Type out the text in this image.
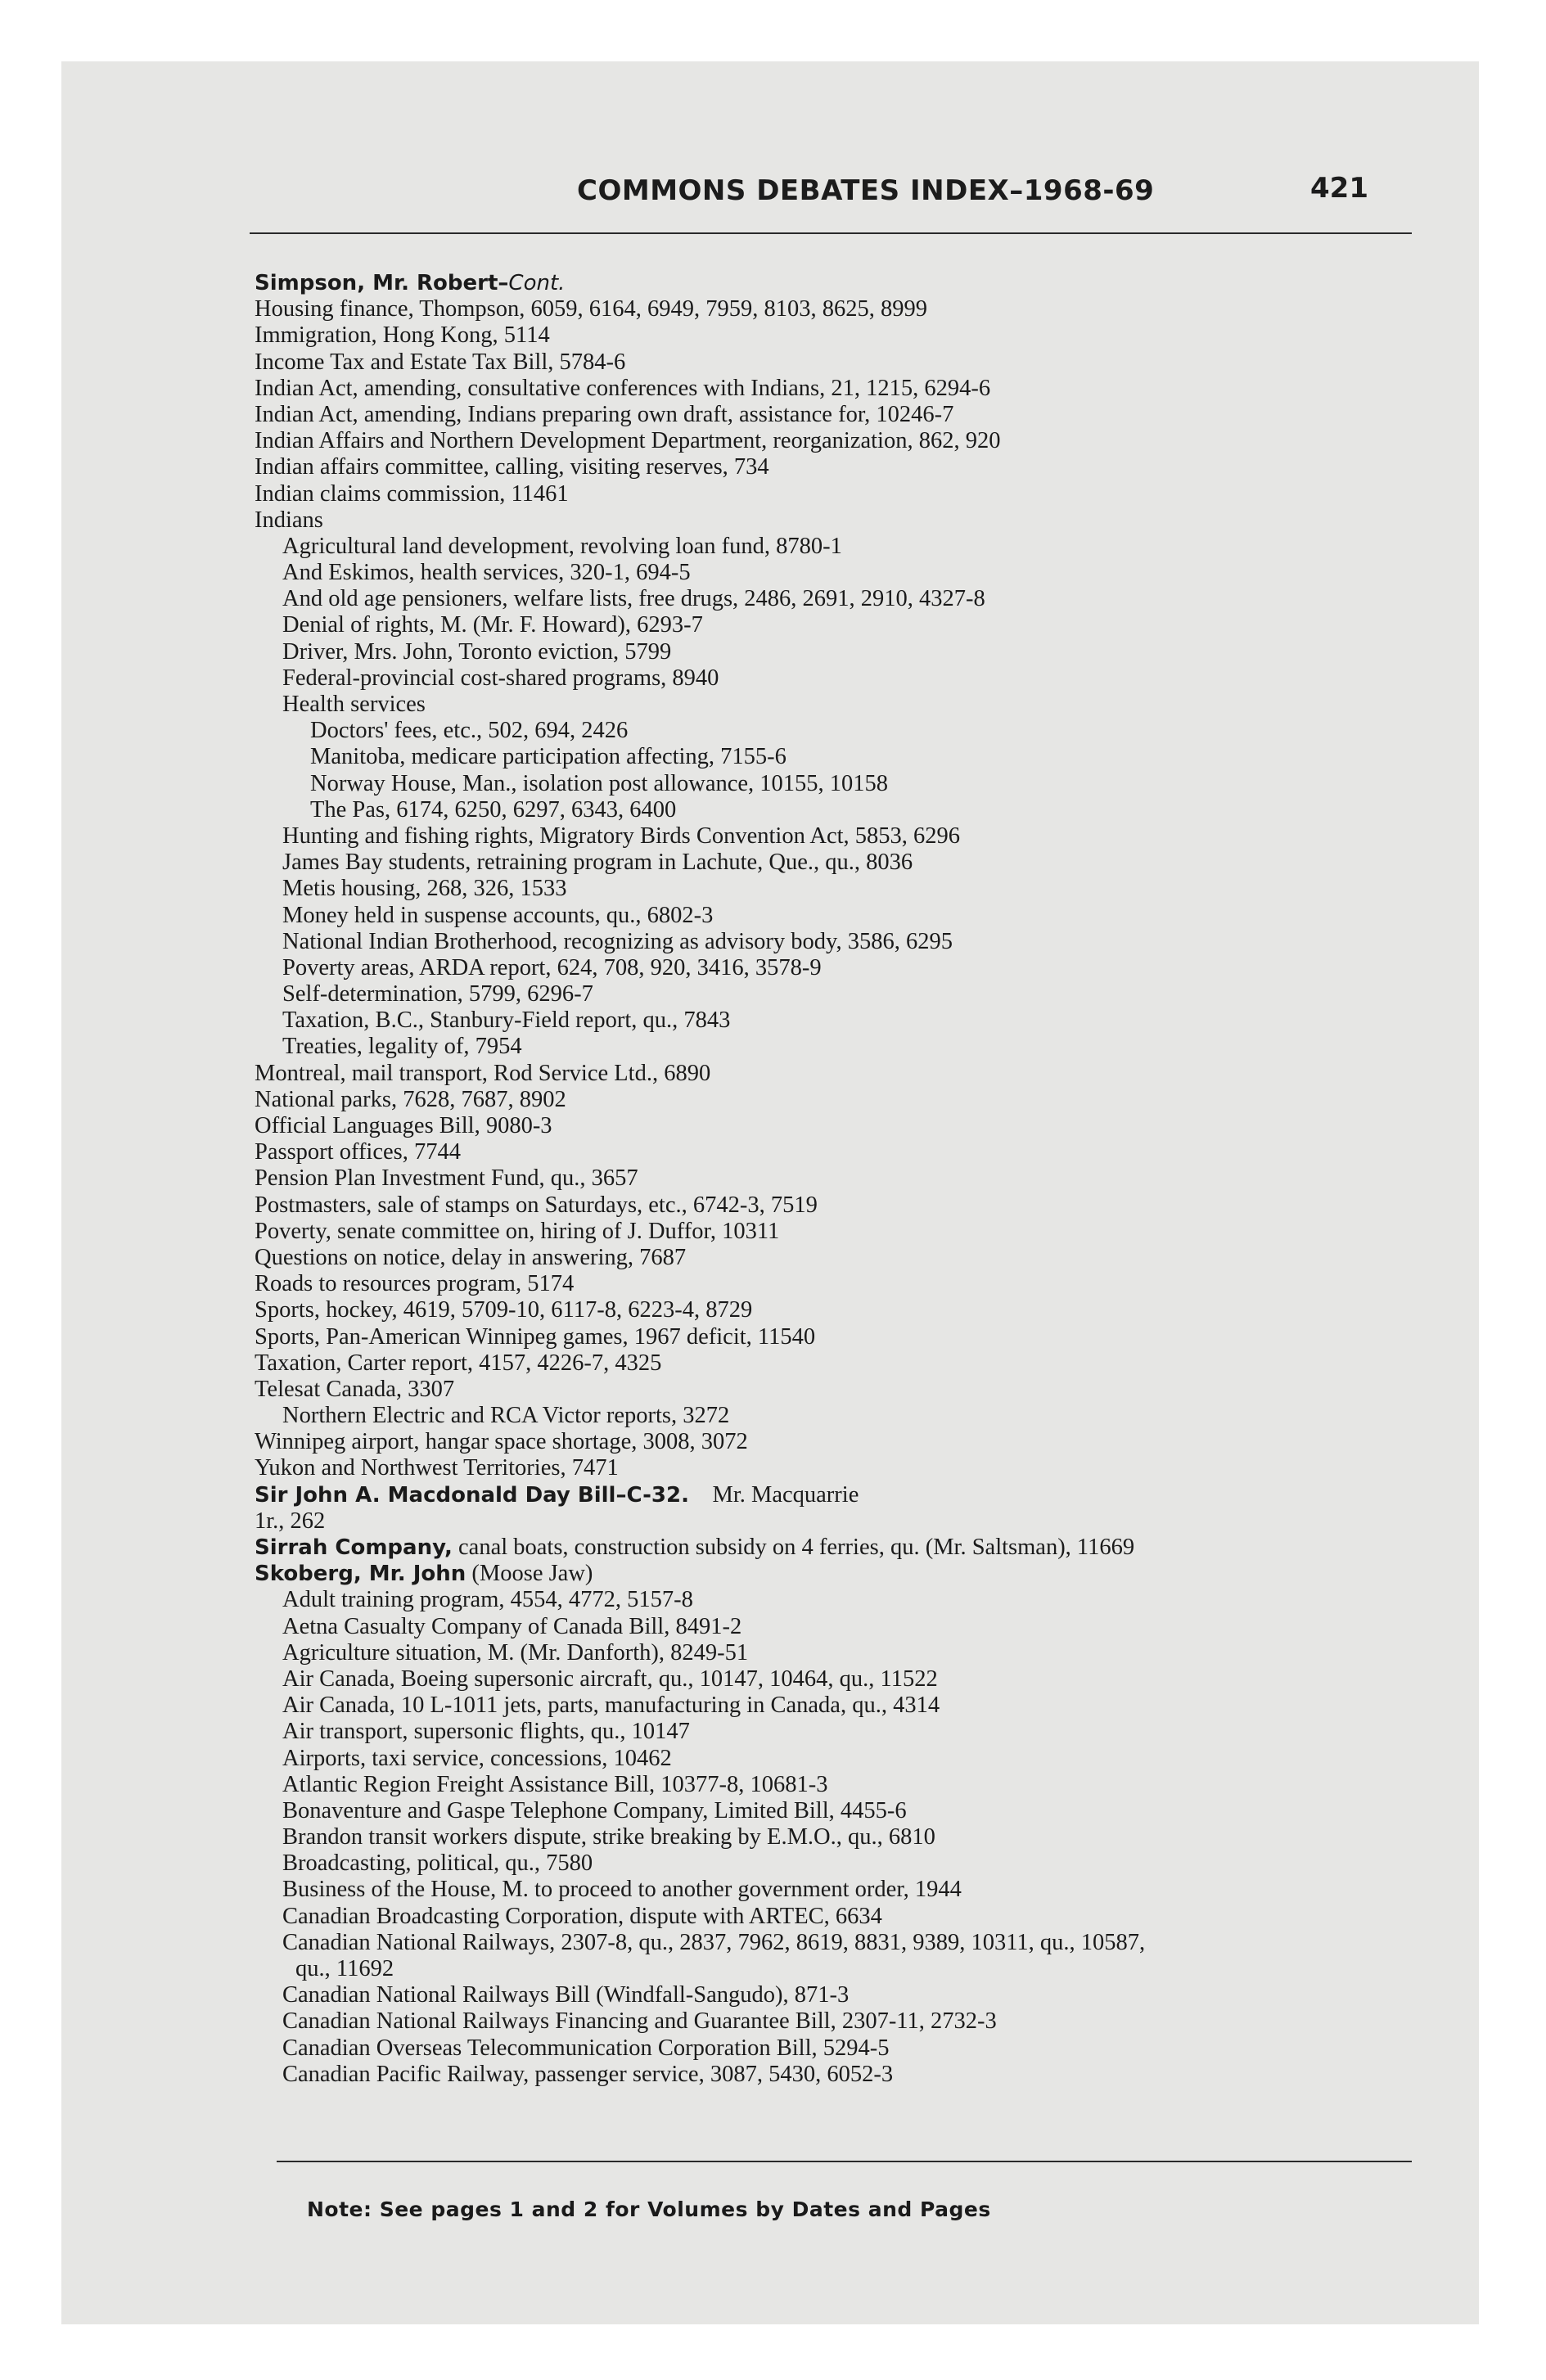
COMMONS DEBATES INDEX–1968-69	421
Simpson, Mr. Robert–Cont.
Housing finance, Thompson, 6059, 6164, 6949, 7959, 8103, 8625, 8999
Immigration, Hong Kong, 5114
Income Tax and Estate Tax Bill, 5784-6
Indian Act, amending, consultative conferences with Indians, 21, 1215, 6294-6
Indian Act, amending, Indians preparing own draft, assistance for, 10246-7
Indian Affairs and Northern Development Department, reorganization, 862, 920
Indian affairs committee, calling, visiting reserves, 734
Indian claims commission, 11461
Indians
Agricultural land development, revolving loan fund, 8780-1
And Eskimos, health services, 320-1, 694-5
And old age pensioners, welfare lists, free drugs, 2486, 2691, 2910, 4327-8
Denial of rights, M. (Mr. F. Howard), 6293-7
Driver, Mrs. John, Toronto eviction, 5799
Federal-provincial cost-shared programs, 8940
Health services
Doctors' fees, etc., 502, 694, 2426
Manitoba, medicare participation affecting, 7155-6
Norway House, Man., isolation post allowance, 10155, 10158
The Pas, 6174, 6250, 6297, 6343, 6400
Hunting and fishing rights, Migratory Birds Convention Act, 5853, 6296
James Bay students, retraining program in Lachute, Que., qu., 8036
Metis housing, 268, 326, 1533
Money held in suspense accounts, qu., 6802-3
National Indian Brotherhood, recognizing as advisory body, 3586, 6295
Poverty areas, ARDA report, 624, 708, 920, 3416, 3578-9
Self-determination, 5799, 6296-7
Taxation, B.C., Stanbury-Field report, qu., 7843
Treaties, legality of, 7954
Montreal, mail transport, Rod Service Ltd., 6890
National parks, 7628, 7687, 8902
Official Languages Bill, 9080-3
Passport offices, 7744
Pension Plan Investment Fund, qu., 3657
Postmasters, sale of stamps on Saturdays, etc., 6742-3, 7519
Poverty, senate committee on, hiring of J. Duffor, 10311
Questions on notice, delay in answering, 7687
Roads to resources program, 5174
Sports, hockey, 4619, 5709-10, 6117-8, 6223-4, 8729
Sports, Pan-American Winnipeg games, 1967 deficit, 11540
Taxation, Carter report, 4157, 4226-7, 4325
Telesat Canada, 3307
Northern Electric and RCA Victor reports, 3272
Winnipeg airport, hangar space shortage, 3008, 3072
Yukon and Northwest Territories, 7471
Sir John A. Macdonald Day Bill–C-32. Mr. Macquarrie
1r., 262
Sirrah Company, canal boats, construction subsidy on 4 ferries, qu. (Mr. Saltsman), 11669
Skoberg, Mr. John (Moose Jaw)
Adult training program, 4554, 4772, 5157-8
Aetna Casualty Company of Canada Bill, 8491-2
Agriculture situation, M. (Mr. Danforth), 8249-51
Air Canada, Boeing supersonic aircraft, qu., 10147, 10464, qu., 11522
Air Canada, 10 L-1011 jets, parts, manufacturing in Canada, qu., 4314
Air transport, supersonic flights, qu., 10147
Airports, taxi service, concessions, 10462
Atlantic Region Freight Assistance Bill, 10377-8, 10681-3
Bonaventure and Gaspe Telephone Company, Limited Bill, 4455-6
Brandon transit workers dispute, strike breaking by E.M.O., qu., 6810
Broadcasting, political, qu., 7580
Business of the House, M. to proceed to another government order, 1944
Canadian Broadcasting Corporation, dispute with ARTEC, 6634
Canadian National Railways, 2307-8, qu., 2837, 7962, 8619, 8831, 9389, 10311, qu., 10587,
qu., 11692
Canadian National Railways Bill (Windfall-Sangudo), 871-3
Canadian National Railways Financing and Guarantee Bill, 2307-11, 2732-3
Canadian Overseas Telecommunication Corporation Bill, 5294-5
Canadian Pacific Railway, passenger service, 3087, 5430, 6052-3
Note: See pages 1 and 2 for Volumes by Dates and Pages
